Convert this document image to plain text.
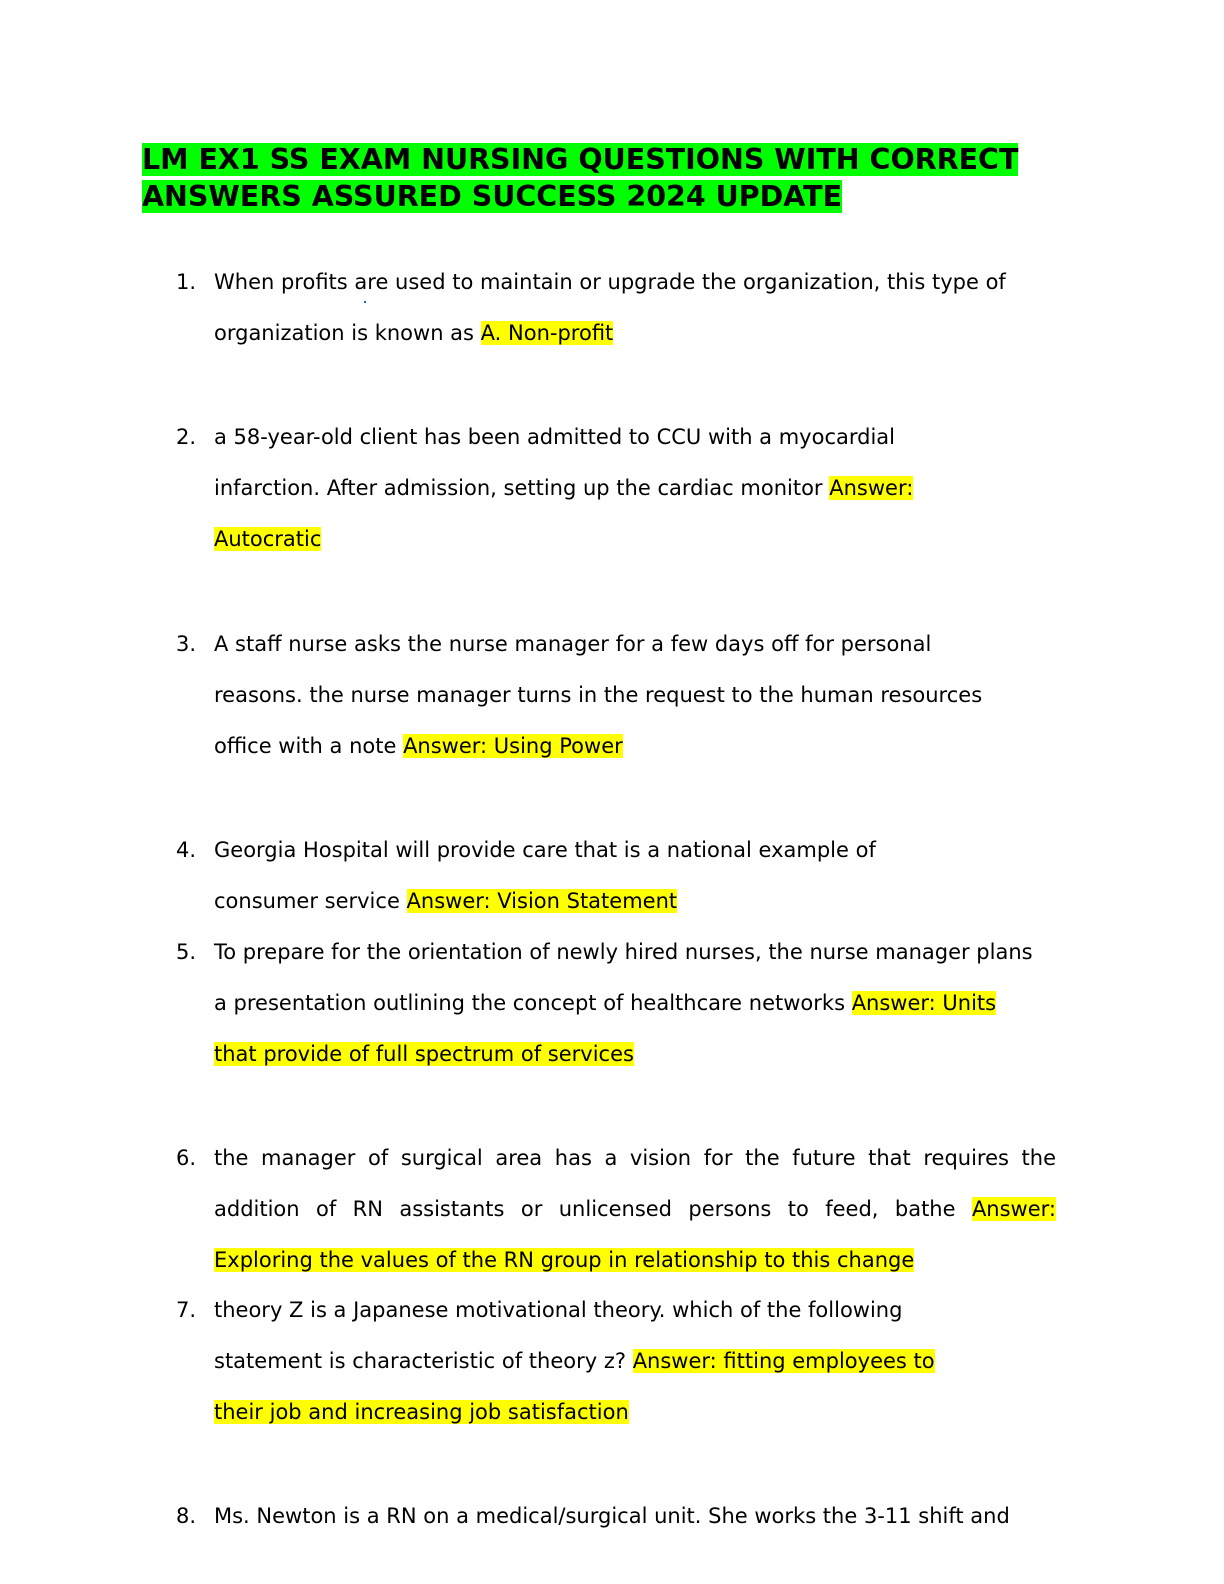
LM EX1 SS EXAM NURSING QUESTIONS WITH CORRECT
ANSWERS ASSURED SUCCESS 2024 UPDATE

1. When profits are used to maintain or upgrade the organization, this type of organization is known as A. Non-profit

2. a 58-year-old client has been admitted to CCU with a myocardial infarction. After admission, setting up the cardiac monitor Answer: Autocratic

3. A staff nurse asks the nurse manager for a few days off for personal reasons. the nurse manager turns in the request to the human resources office with a note Answer: Using Power

4. Georgia Hospital will provide care that is a national example of consumer service Answer: Vision Statement

5. To prepare for the orientation of newly hired nurses, the nurse manager plans a presentation outlining the concept of healthcare networks Answer: Units that provide of full spectrum of services

6. the manager of surgical area has a vision for the future that requires the addition of RN assistants or unlicensed persons to feed, bathe Answer: Exploring the values of the RN group in relationship to this change

7. theory Z is a Japanese motivational theory. which of the following statement is characteristic of theory z? Answer: fitting employees to their job and increasing job satisfaction

8. Ms. Newton is a RN on a medical/surgical unit. She works the 3-11 shift and
